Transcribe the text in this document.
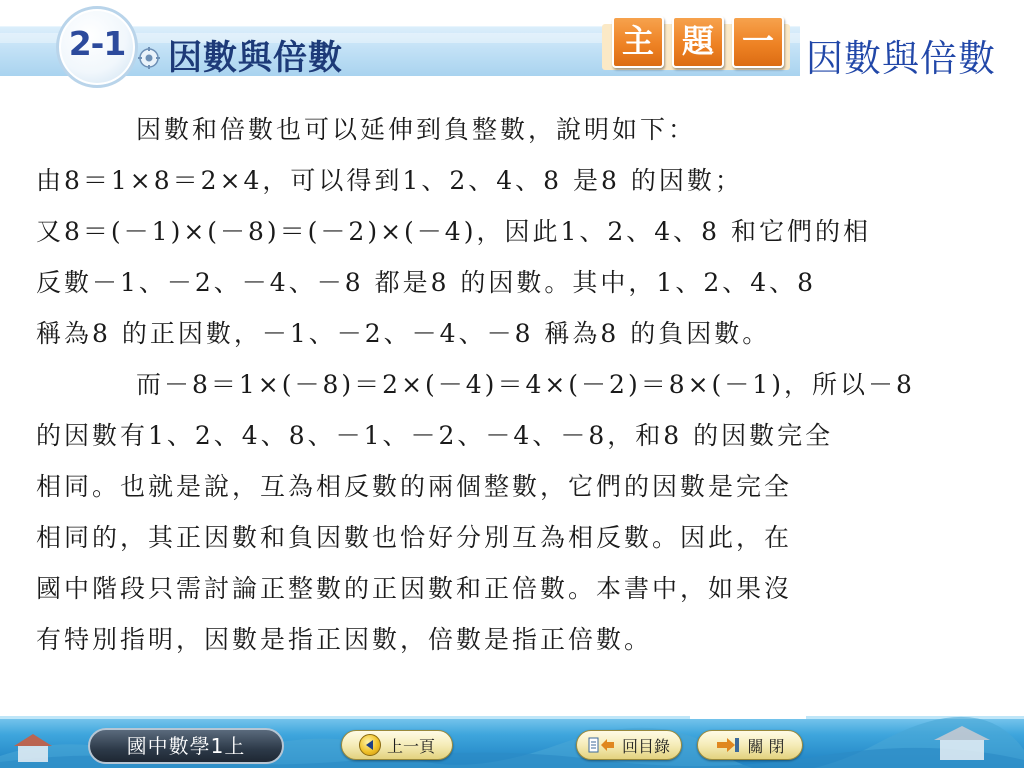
2-1 因數與倍數	主 題 一 因數與倍數

因數和倍數也可以延伸到負整數，說明如下：

由8＝1×8＝2×4，可以得到1、2、4、8 是8 的因數；

又8＝(－1)×(－8)＝(－2)×(－4)，因此1、2、4、8 和它們的相

反數－1、－2、－4、－8 都是8 的因數。其中，1、2、4、8

稱為8 的正因數，－1、－2、－4、－8 稱為8 的負因數。

而－8＝1×(－8)＝2×(－4)＝4×(－2)＝8×(－1)，所以－8

的因數有1、2、4、8、－1、－2、－4、－8，和8 的因數完全

相同。也就是說，互為相反數的兩個整數，它們的因數是完全

相同的，其正因數和負因數也恰好分別互為相反數。因此，在

國中階段只需討論正整數的正因數和正倍數。本書中，如果沒

有特別指明，因數是指正因數，倍數是指正倍數。

國中數學1上	上一頁	回目錄	關 閉
